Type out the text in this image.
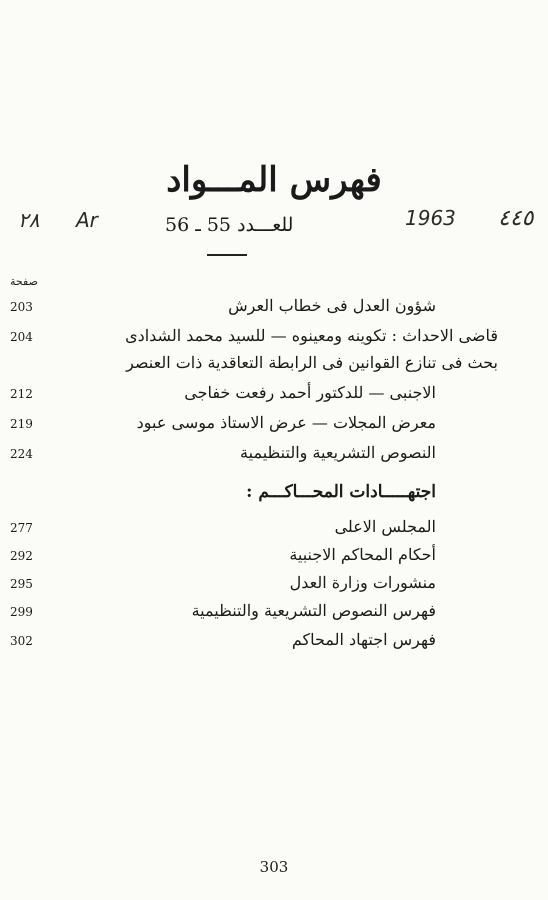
فهرس المـــواد
٢٨ Ar	1963 ٤٤٥
للعـــدد 55 ـ 56
صفحة
203	شؤون العدل فى خطاب العرش
204	قاضى الاحداث : تكوينه ومعينوه — للسيد محمد الشدادى
بحث فى تنازع القوانين فى الرابطة التعاقدية ذات العنصر
212	الاجنبى — للدكتور أحمد رفعت خفاجى
219	معرض المجلات — عرض الاستاذ موسى عبود
224	النصوص التشريعية والتنظيمية
اجتهـــــادات المحـــاكـــم :
277	المجلس الاعلى
292	أحكام المحاكم الاجنبية
295	منشورات وزارة العدل
299	فهرس النصوص التشريعية والتنظيمية
302	فهرس اجتهاد المحاكم
303
